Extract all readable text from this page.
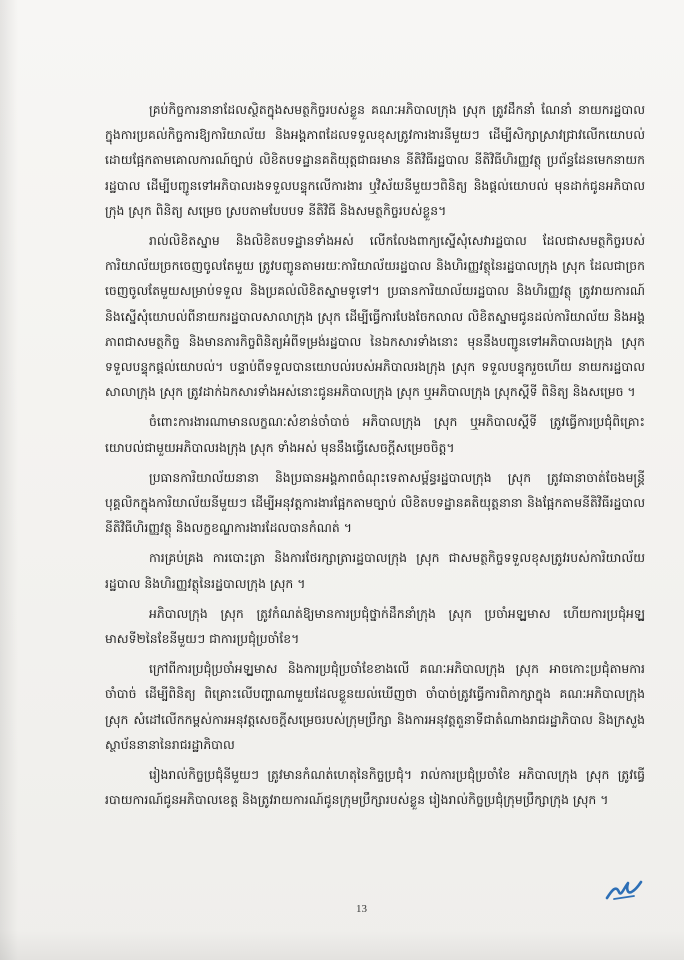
គ្រប់កិច្ចការនានាដែលស្ថិតក្នុងសមត្ថកិច្ចរបស់ខ្លួន គណៈអភិបាលក្រុង ស្រុក ត្រូវដឹកនាំ ណែនាំ នាយករដ្ឋបាលក្នុងការប្រគល់កិច្ចការឱ្យការិយាល័យ និងអង្គភាពដែលទទួលខុសត្រូវការងារនីមួយៗ ដើម្បីសិក្សាស្រាវជ្រាវលើកយោបល់ ដោយផ្អែកតាមគោលការណ៍ច្បាប់ លិខិតបទដ្ឋានគតិយុត្តជាធរមាន នីតិវិធីរដ្ឋបាល នីតិវិធីហិរញ្ញវត្ថុ ប្រព័ន្ធដែនមេកនាយករដ្ឋបាល ដើម្បីបញ្ជូនទៅអភិបាលរងទទួលបន្ទុកលើការងារ ឬវិស័យនីមួយៗពិនិត្យ និងផ្តល់យោបល់ មុនដាក់ជូនអភិបាលក្រុង ស្រុក ពិនិត្យ សម្រេច ស្របតាមបែបបទ នីតិវិធី និងសមត្ថកិច្ចរបស់ខ្លួន។

រាល់លិខិតស្នាម និងលិខិតបទដ្ឋានទាំងអស់ លើកលែងពាក្យស្នើសុំសេវារដ្ឋបាល ដែលជាសមត្ថកិច្ចរបស់ការិយាល័យច្រកចេញចូលតែមួយ ត្រូវបញ្ជូនតាមរយៈការិយាល័យរដ្ឋបាល និងហិរញ្ញវត្ថុនៃរដ្ឋបាលក្រុង ស្រុក ដែលជាច្រកចេញចូលតែមួយសម្រាប់ទទួល និងប្រគល់លិខិតស្នាមទូទៅ។ ប្រធានការិយាល័យរដ្ឋបាល និងហិរញ្ញវត្ថុ ត្រូវរាយការណ៍ និងស្នើសុំយោបល់ពីនាយករដ្ឋបាលសាលាក្រុង ស្រុក ដើម្បីធ្វើការបែងចែកលាល លិខិតស្នាមជូនដល់ការិយាល័យ និងអង្គភាពជាសមត្ថកិច្ច និងមានភារកិច្ចពិនិត្យអំពីទម្រង់រដ្ឋបាល នៃឯកសារទាំងនោះ មុននឹងបញ្ជូនទៅអភិបាលរងក្រុង ស្រុក ទទួលបន្ទុកផ្តល់យោបល់។ បន្ទាប់ពីទទួលបានយោបល់របស់អភិបាលរងក្រុង ស្រុក ទទួលបន្ទុករួចហើយ នាយករដ្ឋបាលសាលាក្រុង ស្រុក ត្រូវដាក់ឯកសារទាំងអស់នោះជូនអភិបាលក្រុង ស្រុក ឬអភិបាលក្រុង ស្រុកស្តីទី ពិនិត្យ និងសម្រេច ។

ចំពោះការងារណាមានលក្ខណៈសំខាន់ចាំបាច់ អភិបាលក្រុង ស្រុក ឬអភិបាលស្តីទី ត្រូវធ្វើការប្រជុំពិគ្រោះ យោបល់ជាមួយអភិបាលរងក្រុង ស្រុក ទាំងអស់ មុននឹងធ្វើសេចក្តីសម្រេចចិត្ត។

ប្រធានការិយាល័យនានា និងប្រធានអង្គភាពចំណុះទេតាសម្ព័ន្ធរដ្ឋបាលក្រុង ស្រុក ត្រូវធានាចាត់ចែងមន្ត្រី បុគ្គលិកក្នុងការិយាល័យនីមួយៗ ដើម្បីអនុវត្តការងារផ្អែកតាមច្បាប់ លិខិតបទដ្ឋានគតិយុត្តនានា និងផ្អែកតាមនីតិវិធីរដ្ឋបាល នីតិវិធីហិរញ្ញវត្ថុ និងលក្ខខណ្ឌការងារដែលបានកំណត់ ។

ការគ្រប់គ្រង ការបោះត្រា និងការថែរក្សាត្រារដ្ឋបាលក្រុង ស្រុក ជាសមត្ថកិច្ចទទួលខុសត្រូវរបស់ការិយាល័យរដ្ឋបាល និងហិរញ្ញវត្ថុនៃរដ្ឋបាលក្រុង ស្រុក ។

អភិបាលក្រុង ស្រុក ត្រូវកំណត់ឱ្យមានការប្រជុំថ្នាក់ដឹកនាំក្រុង ស្រុក ប្រចាំអឡ្ឋមាស ហើយការប្រជុំអឡ្ឋមាសទី២នៃខែនីមួយៗ ជាការប្រជុំប្រចាំខែ។

ក្រៅពីការប្រជុំប្រចាំអឡ្ឋមាស និងការប្រជុំប្រចាំខែខាងលើ គណៈអភិបាលក្រុង ស្រុក អាចកោះប្រជុំតាមការចាំបាច់ ដើម្បីពិនិត្យ ពិគ្រោះលើបញ្ហាណាមួយដែលខ្លួនយល់ឃើញថា ចាំបាច់ត្រូវធ្វើការពិភាក្សាក្នុង គណៈអភិបាលក្រុង ស្រុក សំដៅលើកកម្ពស់ការអនុវត្តសេចក្តីសម្រេចរបស់ក្រុមប្រឹក្សា និងការអនុវត្តតួនាទីជាតំណាងរាជរដ្ឋាភិបាល និងក្រសួង ស្ថាប័ននានានៃរាជរដ្ឋាភិបាល

រៀងរាល់កិច្ចប្រជុំនីមួយៗ ត្រូវមានកំណត់ហេតុនៃកិច្ចប្រជុំ។ រាល់ការប្រជុំប្រចាំខែ អភិបាលក្រុង ស្រុក ត្រូវធ្វើរបាយការណ៍ជូនអភិបាលខេត្ត និងត្រូវរាយការណ៍ជូនក្រុមប្រឹក្សារបស់ខ្លួន រៀងរាល់កិច្ចប្រជុំក្រុមប្រឹក្សាក្រុង ស្រុក ។

13
